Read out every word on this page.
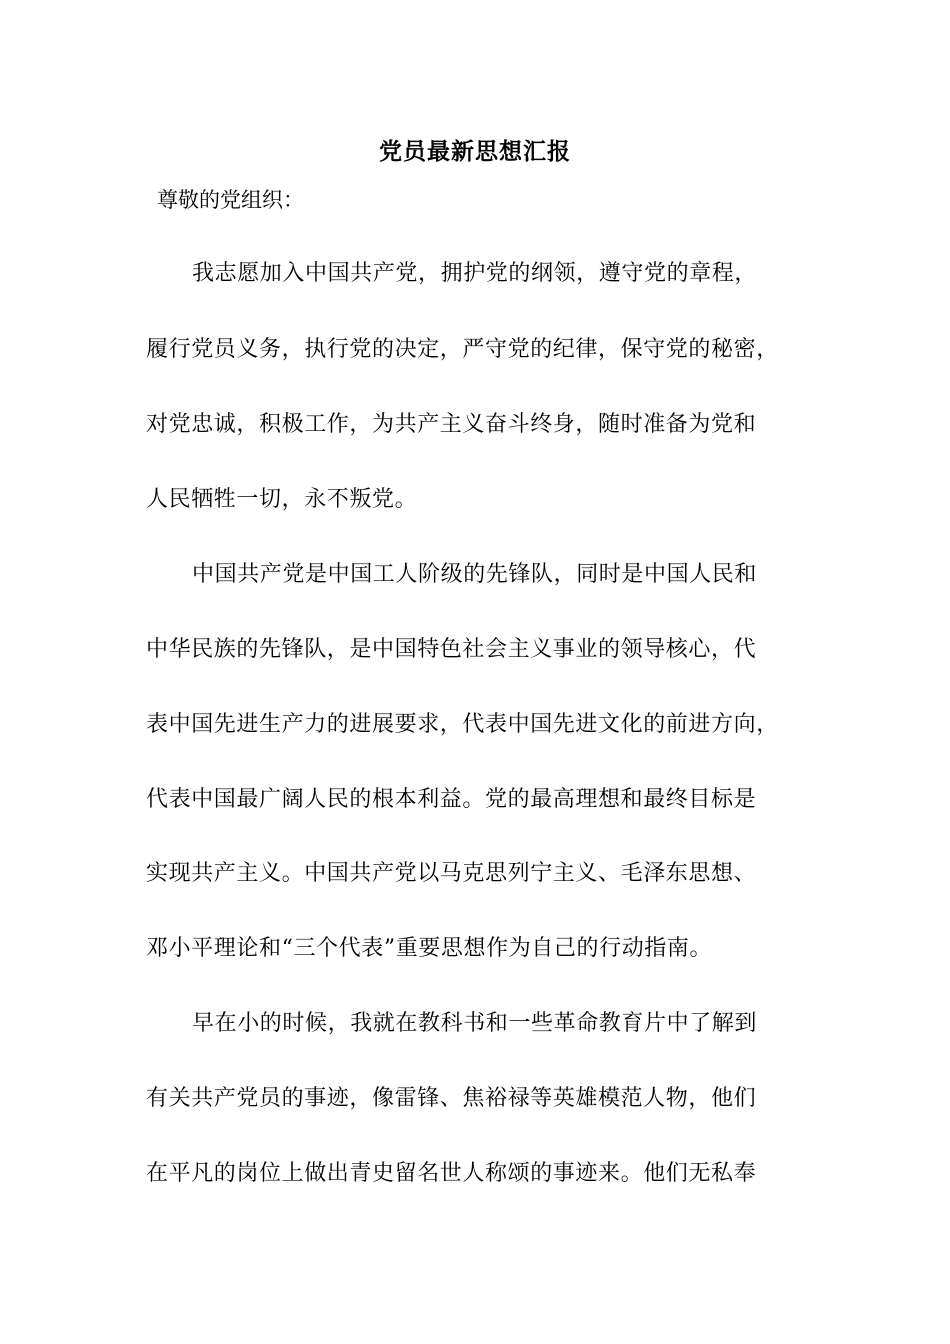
党员最新思想汇报
尊敬的党组织：
我志愿加入中国共产党，拥护党的纲领，遵守党的章程，
履行党员义务，执行党的决定，严守党的纪律，保守党的秘密，
对党忠诚，积极工作，为共产主义奋斗终身，随时准备为党和
人民牺牲一切，永不叛党。
中国共产党是中国工人阶级的先锋队，同时是中国人民和
中华民族的先锋队，是中国特色社会主义事业的领导核心，代
表中国先进生产力的进展要求，代表中国先进文化的前进方向，
代表中国最广阔人民的根本利益。党的最高理想和最终目标是
实现共产主义。中国共产党以马克思列宁主义、毛泽东思想、
邓小平理论和“三个代表”重要思想作为自己的行动指南。
早在小的时候，我就在教科书和一些革命教育片中了解到
有关共产党员的事迹，像雷锋、焦裕禄等英雄模范人物，他们
在平凡的岗位上做出青史留名世人称颂的事迹来。他们无私奉
